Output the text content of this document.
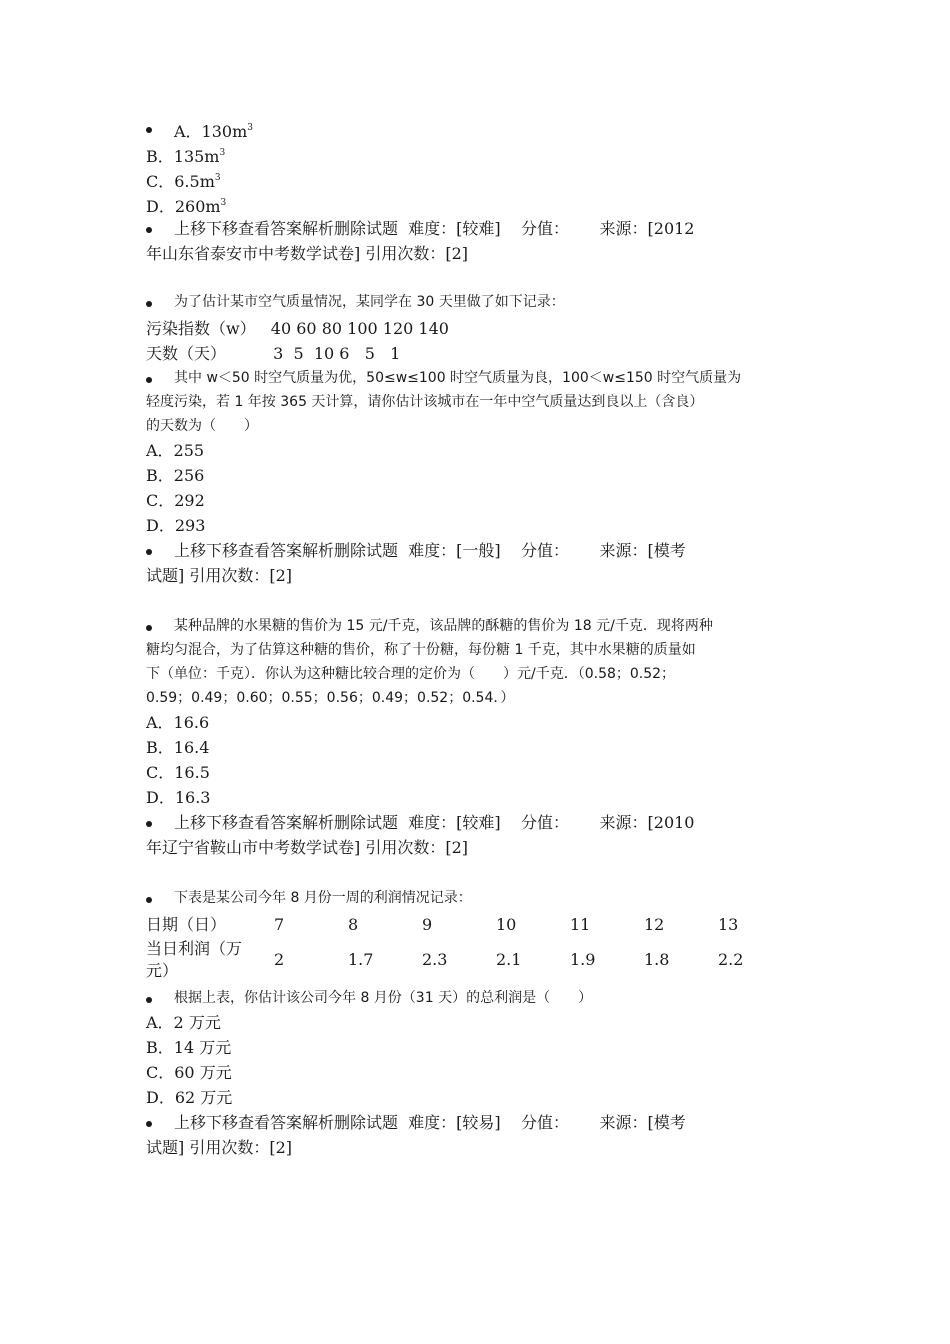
A．$130m^3$
B．$135m^3$
C．$6.5m^3$
D．$260m^3$
上移下移查看答案解析删除试题  难度：[较难]    分值：      来源：[2012
年山东省泰安市中考数学试卷] 引用次数：[2]
为了估计某市空气质量情况，某同学在 30 天里做了如下记录：
污染指数（w） 40 60 80 100 120 140
天数（天）	3  5  10 6   5   1
其中 w＜50 时空气质量为优，50≤w≤100 时空气质量为良，100＜w≤150 时空气质量为
轻度污染，若 1 年按 365 天计算，请你估计该城市在一年中空气质量达到良以上（含良）
的天数为（　　）
A．255
B．256
C．292
D．293
上移下移查看答案解析删除试题  难度：[一般]    分值：      来源：[模考
试题] 引用次数：[2]
某种品牌的水果糖的售价为 15 元/千克，该品牌的酥糖的售价为 18 元/千克．现将两种
糖均匀混合，为了估算这种糖的售价，称了十份糖，每份糖 1 千克，其中水果糖的质量如
下（单位：千克）．你认为这种糖比较合理的定价为（　　）元/千克．（0.58；0.52；
0.59；0.49；0.60；0.55；0.56；0.49；0.52；0.54．）
A．16.6
B．16.4
C．16.5
D．16.3
上移下移查看答案解析删除试题  难度：[较难]    分值：      来源：[2010
年辽宁省鞍山市中考数学试卷] 引用次数：[2]
下表是某公司今年 8 月份一周的利润情况记录：
日期（日）	7	8	9	10	11	12	13
当日利润（万
元）
2	1.7	2.3	2.1	1.9	1.8	2.2
根据上表，你估计该公司今年 8 月份（31 天）的总利润是（　　）
A．2 万元
B．14 万元
C．60 万元
D．62 万元
上移下移查看答案解析删除试题  难度：[较易]    分值：      来源：[模考
试题] 引用次数：[2]
